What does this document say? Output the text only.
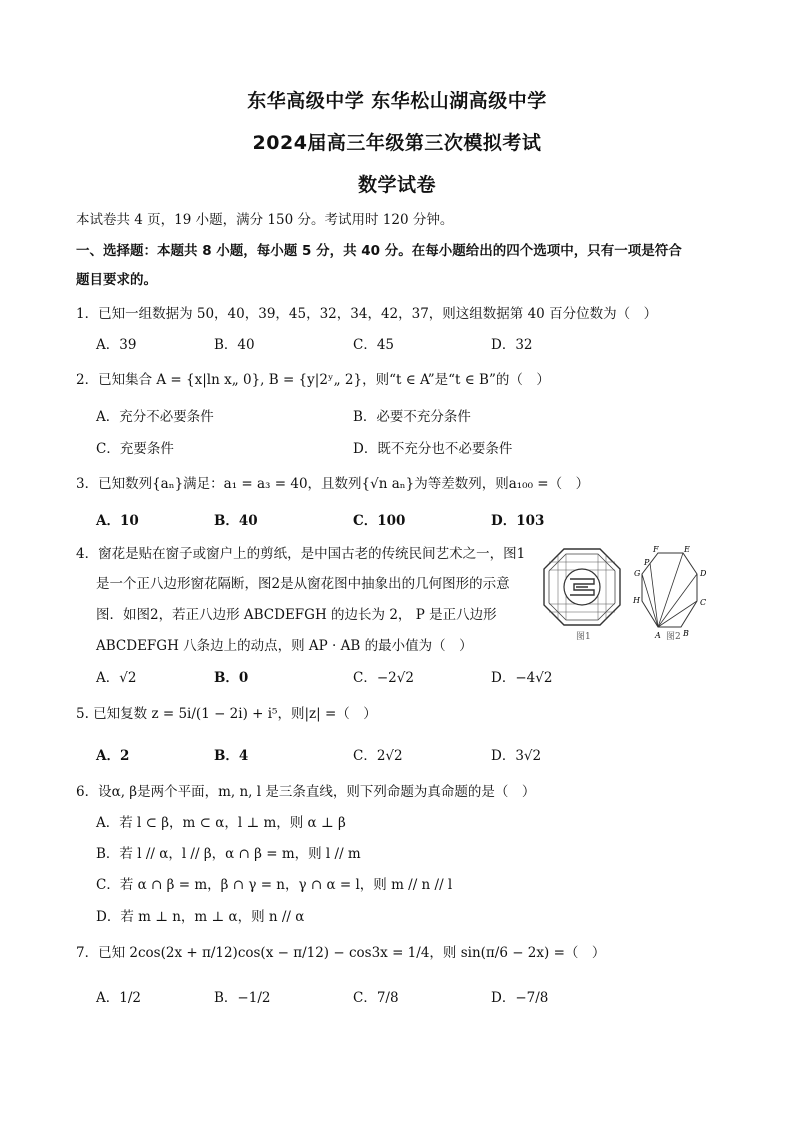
东华高级中学 东华松山湖高级中学
2024届高三年级第三次模拟考试
数学试卷
本试卷共 4 页，19 小题，满分 150 分。考试用时 120 分钟。
一、选择题：本题共 8 小题，每小题 5 分，共 40 分。在每小题给出的四个选项中，只有一项是符合
题目要求的。
1．已知一组数据为 50，40，39，45，32，34，42，37，则这组数据第 40 百分位数为（　）
A．39	B．40	C．45	D．32
2．已知集合 A = {x|ln x„ 0}, B = {y|2ʸ„ 2}，则“t ∈ A”是“t ∈ B”的（　）
A．充分不必要条件	B．必要不充分条件
C．充要条件	D．既不充分也不必要条件
3．已知数列{aₙ}满足：a₁ = a₃ = 40，且数列{√n aₙ}为等差数列，则a₁₀₀ =（　）
A．10	B．40	C．100	D．103
4．窗花是贴在窗子或窗户上的剪纸，是中国古老的传统民间艺术之一，图1
是一个正八边形窗花隔断，图2是从窗花图中抽象出的几何图形的示意
图．如图2，若正八边形 ABCDEFGH 的边长为 2， P 是正八边形
ABCDEFGH 八条边上的动点，则 AP · AB 的最小值为（　）
A．√2	B．0	C．−2√2	D．−4√2
图1	A	B
C
D
E
F
G
H
P
图2
5. 已知复数 z = 5i/(1 − 2i) + i⁵，则|z| =（　）
A．2	B．4	C．2√2	D．3√2
6．设α, β是两个平面，m, n, l 是三条直线，则下列命题为真命题的是（　）
A．若 l ⊂ β，m ⊂ α，l ⊥ m，则 α ⊥ β
B．若 l // α，l // β，α ∩ β = m，则 l // m
C．若 α ∩ β = m，β ∩ γ = n，γ ∩ α = l，则 m // n // l
D．若 m ⊥ n，m ⊥ α，则 n // α
7．已知 2cos(2x + π/12)cos(x − π/12) − cos3x = 1/4，则 sin(π/6 − 2x) =（　）
A．1/2	B．−1/2	C．7/8	D．−7/8
